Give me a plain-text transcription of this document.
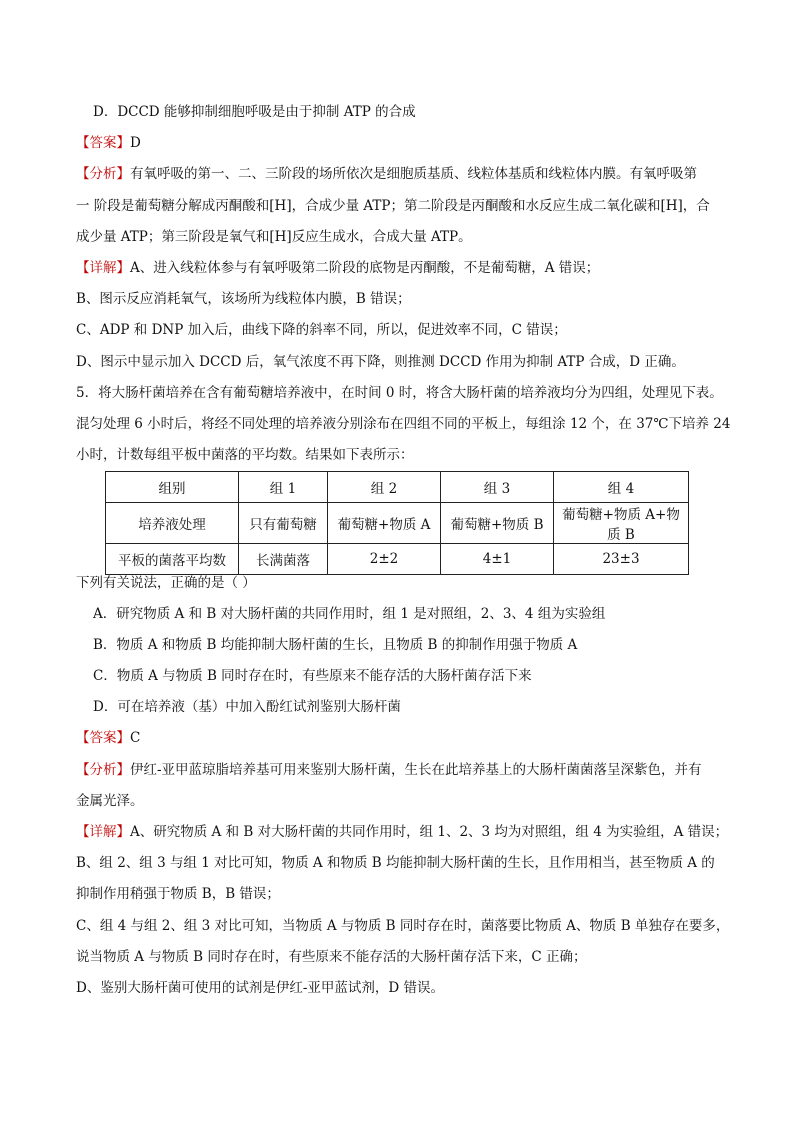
D．DCCD 能够抑制细胞呼吸是由于抑制 ATP 的合成
【答案】D
【分析】有氧呼吸的第一、二、三阶段的场所依次是细胞质基质、线粒体基质和线粒体内膜。有氧呼吸第
一 阶段是葡萄糖分解成丙酮酸和[H]，合成少量 ATP；第二阶段是丙酮酸和水反应生成二氧化碳和[H]，合
成少量 ATP；第三阶段是氧气和[H]反应生成水，合成大量 ATP。
【详解】A、进入线粒体参与有氧呼吸第二阶段的底物是丙酮酸，不是葡萄糖，A 错误；
B、图示反应消耗氧气，该场所为线粒体内膜，B 错误；
C、ADP 和 DNP 加入后，曲线下降的斜率不同，所以，促进效率不同，C 错误；
D、图示中显示加入 DCCD 后，氧气浓度不再下降，则推测 DCCD 作用为抑制 ATP 合成，D 正确。
5．将大肠杆菌培养在含有葡萄糖培养液中，在时间 0 时，将含大肠杆菌的培养液均分为四组，处理见下表。
混匀处理 6 小时后，将经不同处理的培养液分别涂布在四组不同的平板上，每组涂 12 个，在 37℃下培养 24
小时，计数每组平板中菌落的平均数。结果如下表所示：
组别	组 1	组 2	组 3	组 4
培养液处理	只有葡萄糖	葡萄糖+物质 A	葡萄糖+物质 B	葡萄糖+物质 A+物质 B
平板的菌落平均数	长满菌落	2±2	4±1	23±3
下列有关说法，正确的是（ ）
A．研究物质 A 和 B 对大肠杆菌的共同作用时，组 1 是对照组，2、3、4 组为实验组
B．物质 A 和物质 B 均能抑制大肠杆菌的生长，且物质 B 的抑制作用强于物质 A
C．物质 A 与物质 B 同时存在时，有些原来不能存活的大肠杆菌存活下来
D．可在培养液（基）中加入酚红试剂鉴别大肠杆菌
【答案】C
【分析】伊红-亚甲蓝琼脂培养基可用来鉴别大肠杆菌，生长在此培养基上的大肠杆菌菌落呈深紫色，并有
金属光泽。
【详解】A、研究物质 A 和 B 对大肠杆菌的共同作用时，组 1、2、3 均为对照组，组 4 为实验组，A 错误；
B、组 2、组 3 与组 1 对比可知，物质 A 和物质 B 均能抑制大肠杆菌的生长，且作用相当，甚至物质 A 的
抑制作用稍强于物质 B，B 错误；
C、组 4 与组 2、组 3 对比可知，当物质 A 与物质 B 同时存在时，菌落要比物质 A、物质 B 单独存在要多，
说当物质 A 与物质 B 同时存在时，有些原来不能存活的大肠杆菌存活下来，C 正确；
D、鉴别大肠杆菌可使用的试剂是伊红-亚甲蓝试剂，D 错误。
